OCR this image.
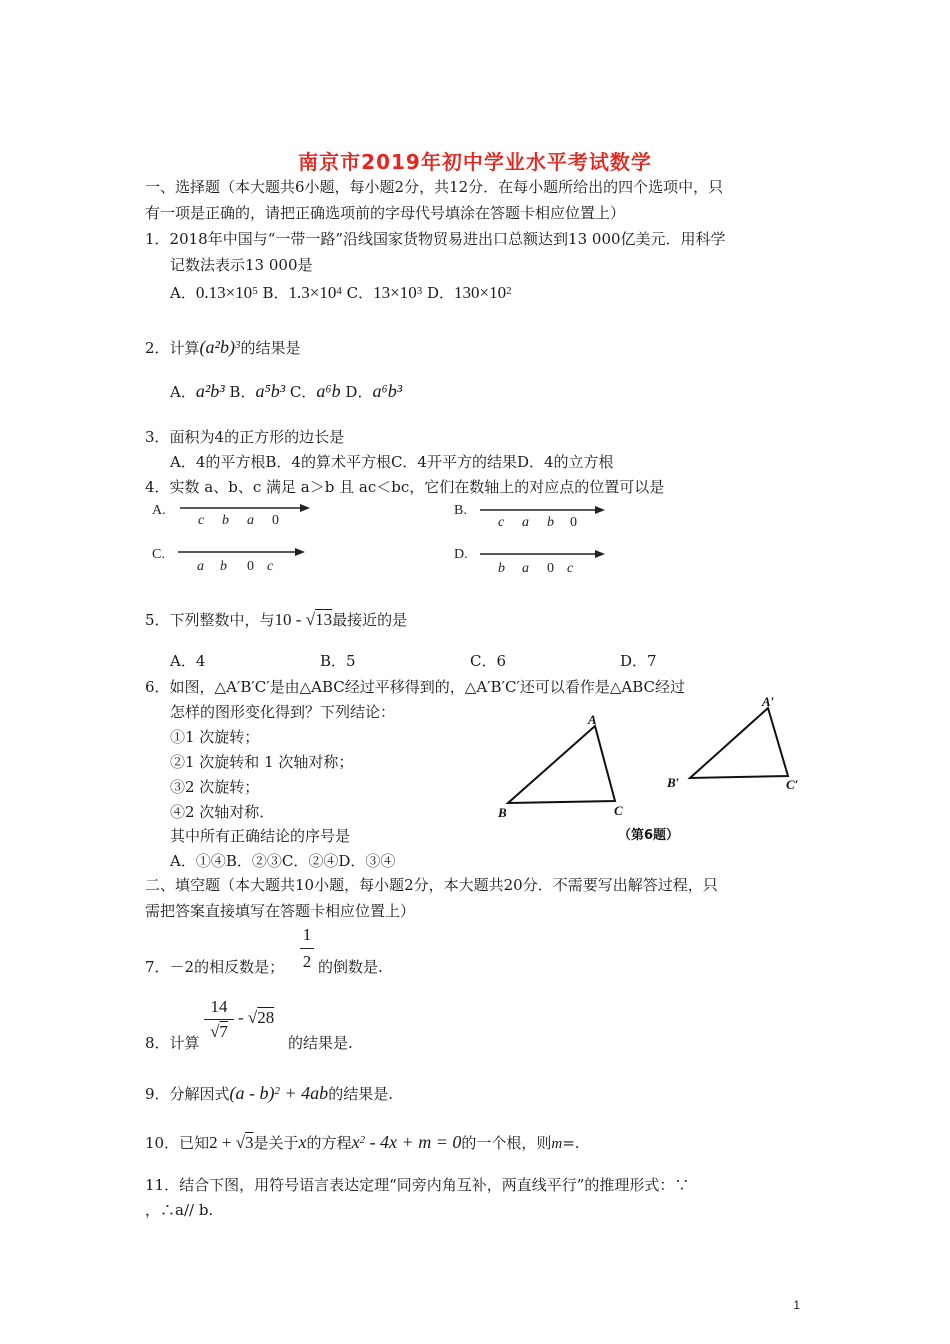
南京市2019年初中学业水平考试数学
一、选择题（本大题共6小题，每小题2分，共12分．在每小题所给出的四个选项中，只
有一项是正确的，请把正确选项前的字母代号填涂在答题卡相应位置上）
1．2018年中国与“一带一路”沿线国家货物贸易进出口总额达到13 000亿美元．用科学
记数法表示13 000是
A．$0.13\times 10^5$ B．$1.3\times 10^4$ C．$13\times 10^3$ D．$130\times 10^2$
2．计算$(a^2b)^3$的结果是
A．a²b³ B．a⁵b³ C．a⁶b D．a⁶b³
3．面积为4的正方形的边长是
A．4的平方根B．4的算术平方根C．4开平方的结果D．4的立方根
4．实数 a、b、c 满足 a＞b 且 ac＜bc，它们在数轴上的对应点的位置可以是
A.
c b a 0
B.
c a b 0
C.
a b 0 c
D.
b a 0 c
5．下列整数中，与10 - √13最接近的是
A．4	B．5	C．6	D．7
6．如图，△A′B′C′是由△ABC经过平移得到的，△A′B′C′还可以看作是△ABC经过
怎样的图形变化得到？下列结论：
①1 次旋转；
②1 次旋转和 1 次轴对称；
③2 次旋转；
④2 次轴对称．
其中所有正确结论的序号是
A．①④B．②③C．②④D．③④
A
B	C
A′
B′	C′
（第6题）
二、填空题（本大题共10小题，每小题2分，本大题共20分．不需要写出解答过程，只
需把答案直接填写在答题卡相应位置上）
7．－2的相反数是；
1
2 的倒数是.
8．计算
14
√7
- √28
的结果是.
9．分解因式(a - b)$^2$ + 4ab的结果是.
10．已知2 + √3是关于x的方程$x^2 - 4x + m = 0$的一个根，则m=.
11．结合下图，用符号语言表达定理“同旁内角互补，两直线平行”的推理形式：∵
，∴a// b.
1
